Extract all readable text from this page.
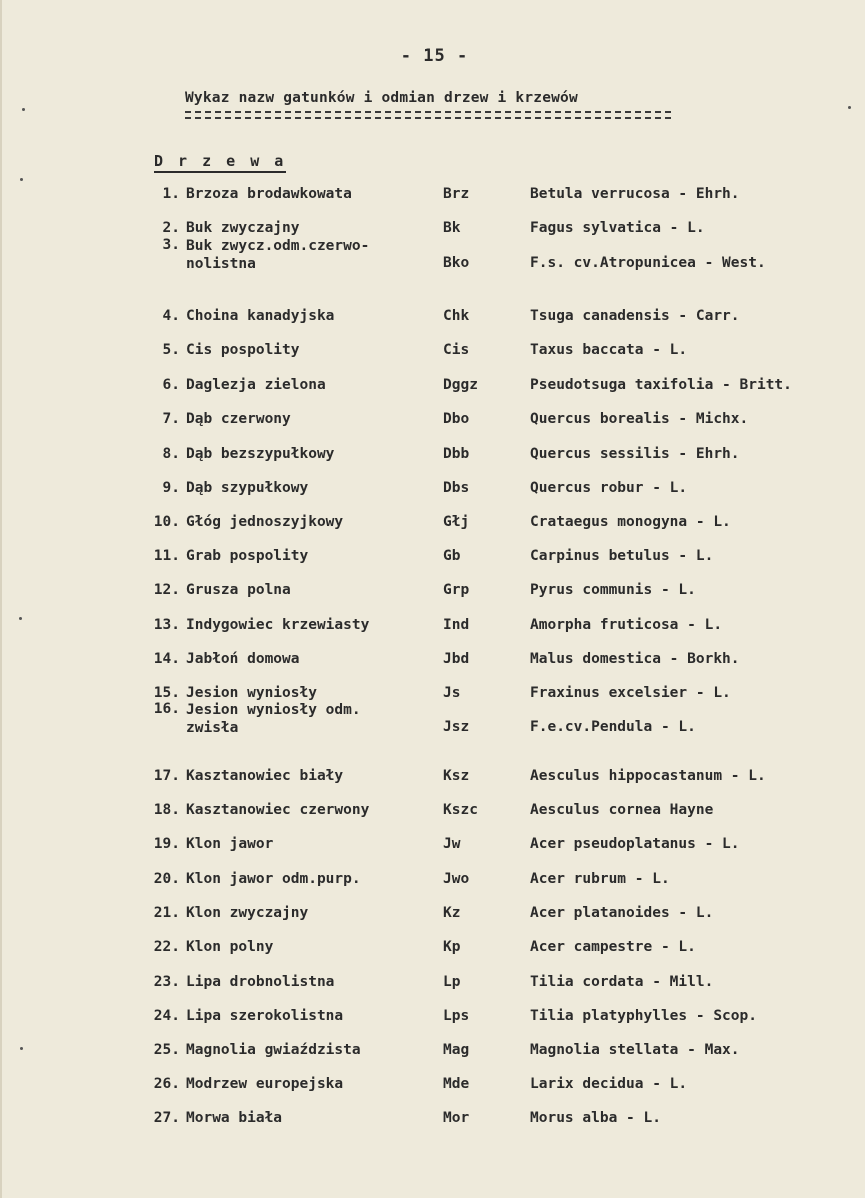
- 15 -
Wykaz nazw gatunków i odmian drzew i krzewów
D r z e w a
1. Brzoza brodawkowata	Brz	Betula verrucosa - Ehrh.
2. Buk zwyczajny	Bk	Fagus sylvatica - L.
3. Buk zwycz.odm.czerwo-
nolistna	Bko	F.s. cv.Atropunicea - West.
4. Choina kanadyjska	Chk	Tsuga canadensis - Carr.
5. Cis pospolity	Cis	Taxus baccata - L.
6. Daglezja zielona	Dggz	Pseudotsuga taxifolia - Britt.
7. Dąb czerwony	Dbo	Quercus borealis - Michx.
8. Dąb bezszypułkowy	Dbb	Quercus sessilis - Ehrh.
9. Dąb szypułkowy	Dbs	Quercus robur - L.
10. Głóg jednoszyjkowy	Głj	Crataegus monogyna - L.
11. Grab pospolity	Gb	Carpinus betulus - L.
12. Grusza polna	Grp	Pyrus communis - L.
13. Indygowiec krzewiasty	Ind	Amorpha fruticosa - L.
14. Jabłoń domowa	Jbd	Malus domestica - Borkh.
15. Jesion wyniosły	Js	Fraxinus excelsier - L.
16. Jesion wyniosły odm.
zwisła	Jsz	F.e.cv.Pendula - L.
17. Kasztanowiec biały	Ksz	Aesculus hippocastanum - L.
18. Kasztanowiec czerwony	Kszc	Aesculus cornea Hayne
19. Klon jawor	Jw	Acer pseudoplatanus - L.
20. Klon jawor odm.purp.	Jwo	Acer rubrum - L.
21. Klon zwyczajny	Kz	Acer platanoides - L.
22. Klon polny	Kp	Acer campestre - L.
23. Lipa drobnolistna	Lp	Tilia cordata - Mill.
24. Lipa szerokolistna	Lps	Tilia platyphylles - Scop.
25. Magnolia gwiaździsta	Mag	Magnolia stellata - Max.
26. Modrzew europejska	Mde	Larix decidua - L.
27. Morwa biała	Mor	Morus alba - L.
